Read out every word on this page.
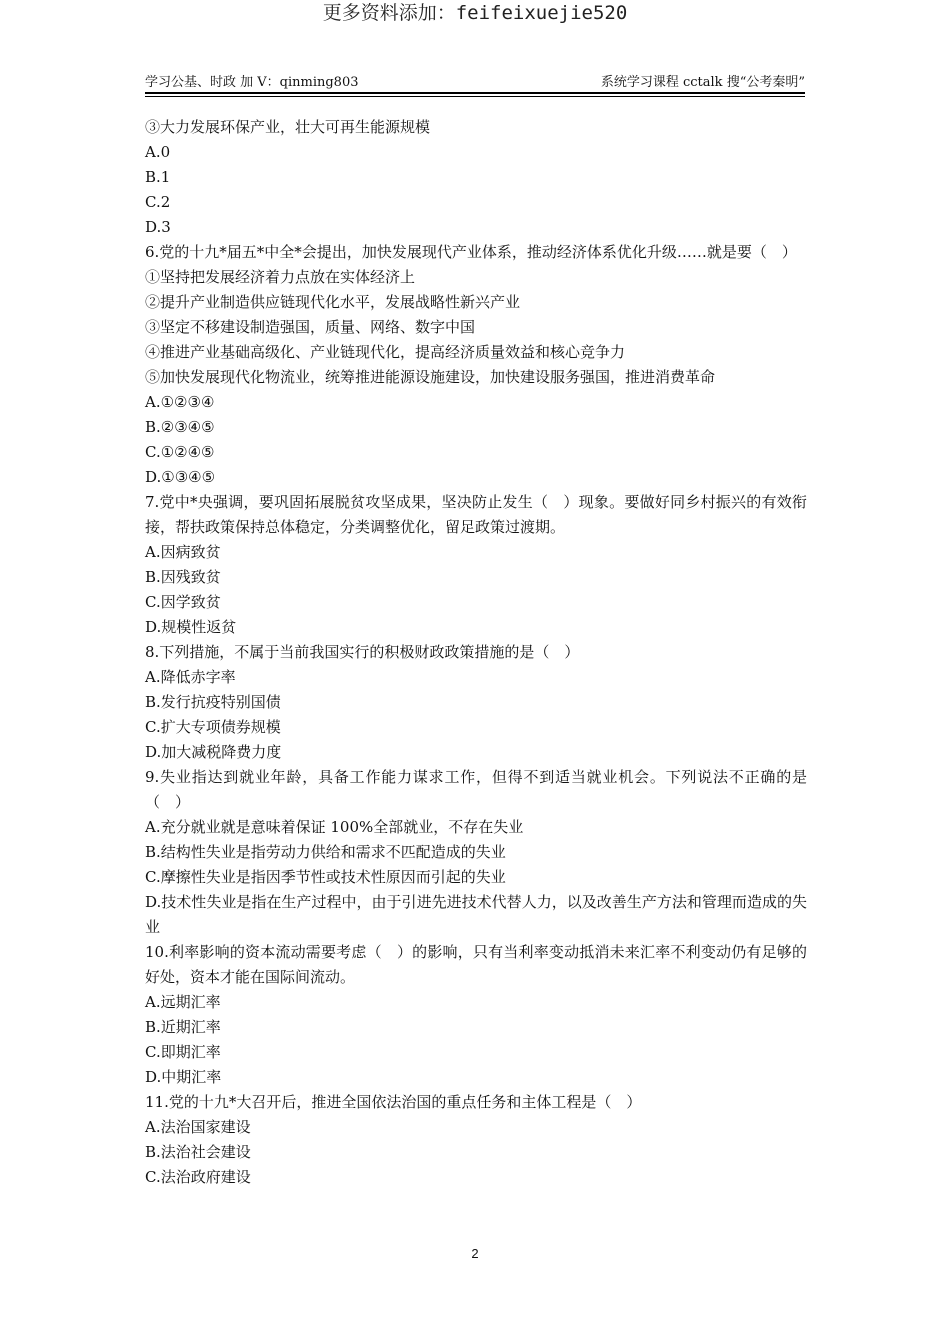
更多资料添加：feifeixuejie520
学习公基、时政 加 V：qinming803	系统学习课程 cctalk 搜“公考秦明”
③大力发展环保产业，壮大可再生能源规模
A.0
B.1
C.2
D.3
6.党的十九*届五*中全*会提出，加快发展现代产业体系，推动经济体系优化升级……就是要（　）
①坚持把发展经济着力点放在实体经济上
②提升产业制造供应链现代化水平，发展战略性新兴产业
③坚定不移建设制造强国，质量、网络、数字中国
④推进产业基础高级化、产业链现代化，提高经济质量效益和核心竞争力
⑤加快发展现代化物流业，统筹推进能源设施建设，加快建设服务强国，推进消费革命
A.①②③④
B.②③④⑤
C.①②④⑤
D.①③④⑤
7.党中*央强调，要巩固拓展脱贫攻坚成果，坚决防止发生（　）现象。要做好同乡村振兴的有效衔接，帮扶政策保持总体稳定，分类调整优化，留足政策过渡期。
A.因病致贫
B.因残致贫
C.因学致贫
D.规模性返贫
8.下列措施，不属于当前我国实行的积极财政政策措施的是（　）
A.降低赤字率
B.发行抗疫特别国债
C.扩大专项债券规模
D.加大减税降费力度
9.失业指达到就业年龄，具备工作能力谋求工作，但得不到适当就业机会。下列说法不正确的是（　）
A.充分就业就是意味着保证 100%全部就业，不存在失业
B.结构性失业是指劳动力供给和需求不匹配造成的失业
C.摩擦性失业是指因季节性或技术性原因而引起的失业
D.技术性失业是指在生产过程中，由于引进先进技术代替人力，以及改善生产方法和管理而造成的失业
10.利率影响的资本流动需要考虑（　）的影响，只有当利率变动抵消未来汇率不利变动仍有足够的好处，资本才能在国际间流动。
A.远期汇率
B.近期汇率
C.即期汇率
D.中期汇率
11.党的十九*大召开后，推进全国依法治国的重点任务和主体工程是（　）
A.法治国家建设
B.法治社会建设
C.法治政府建设
2
